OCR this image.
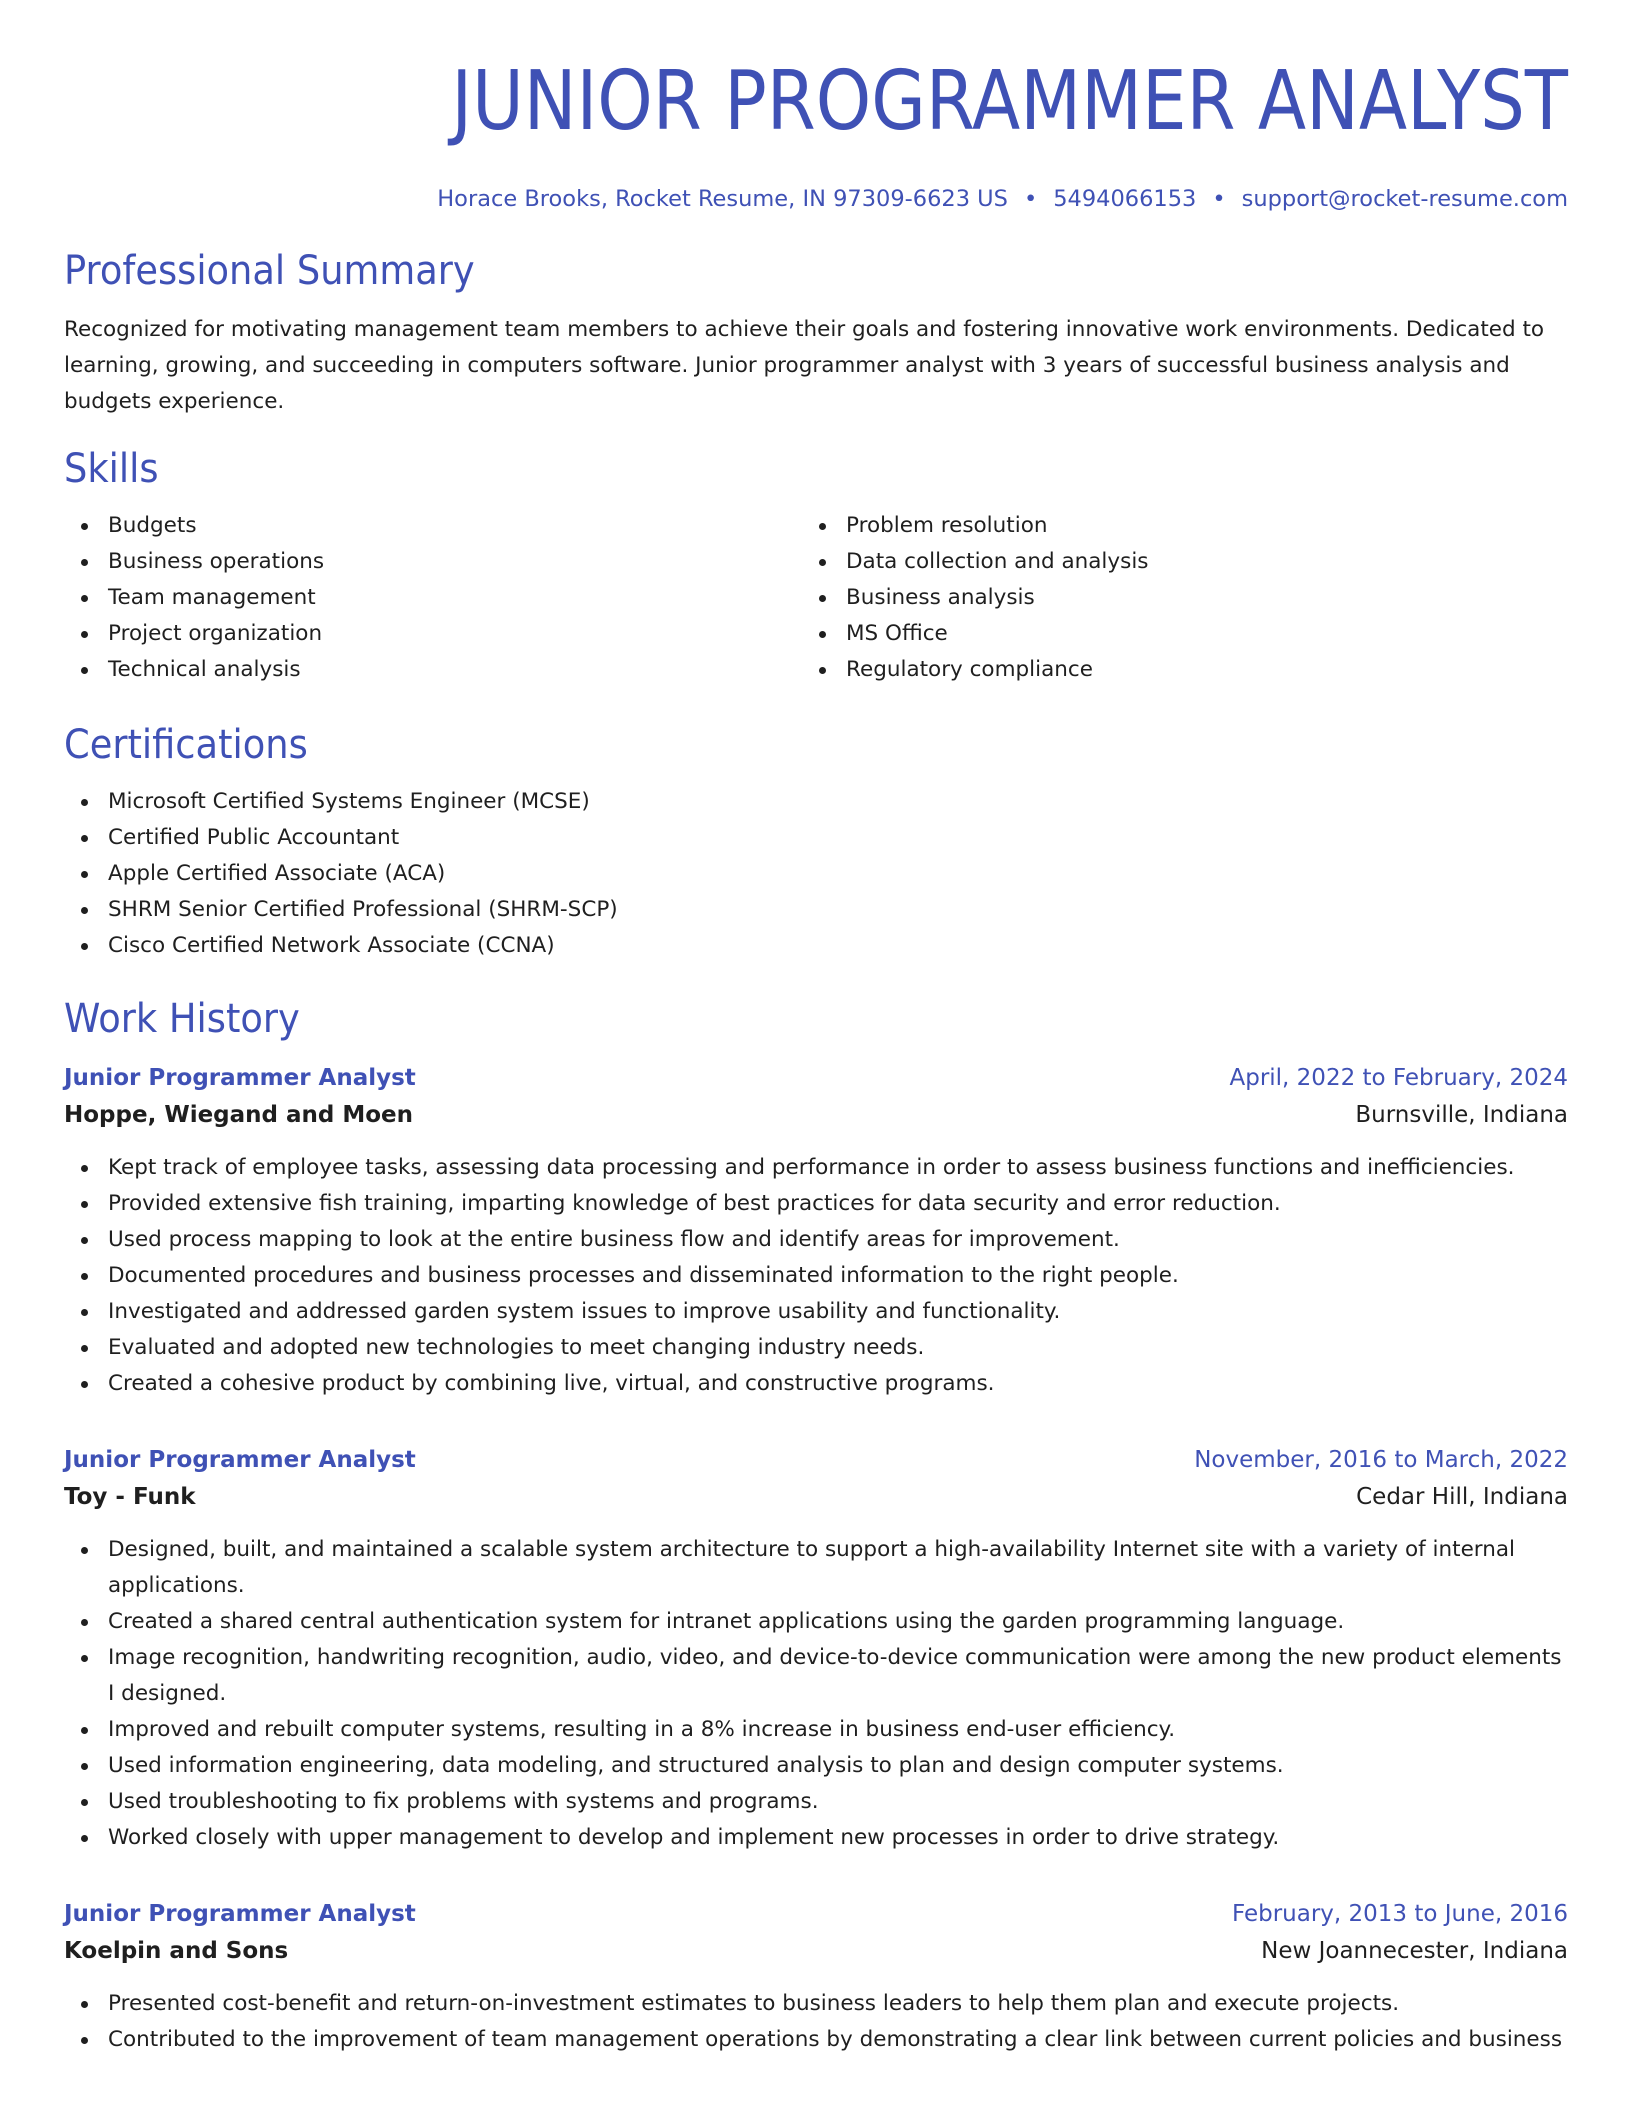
JUNIOR PROGRAMMER ANALYST
Horace Brooks, Rocket Resume, IN 97309-6623 US • 5494066153 • support@rocket-resume.com
Professional Summary

Recognized for motivating management team members to achieve their goals and fostering innovative work environments. Dedicated to learning, growing, and succeeding in computers software. Junior programmer analyst with 3 years of successful business analysis and budgets experience.

Skills
Budgets
Business operations
Team management
Project organization
Technical analysis
Problem resolution
Data collection and analysis
Business analysis
MS Office
Regulatory compliance
Certifications
Microsoft Certified Systems Engineer (MCSE)
Certified Public Accountant
Apple Certified Associate (ACA)
SHRM Senior Certified Professional (SHRM-SCP)
Cisco Certified Network Associate (CCNA)
Work History
Junior Programmer Analyst	April, 2022 to February, 2024
Hoppe, Wiegand and Moen	Burnsville, Indiana
Kept track of employee tasks, assessing data processing and performance in order to assess business functions and inefficiencies.
Provided extensive fish training, imparting knowledge of best practices for data security and error reduction.
Used process mapping to look at the entire business flow and identify areas for improvement.
Documented procedures and business processes and disseminated information to the right people.
Investigated and addressed garden system issues to improve usability and functionality.
Evaluated and adopted new technologies to meet changing industry needs.
Created a cohesive product by combining live, virtual, and constructive programs.
Junior Programmer Analyst	November, 2016 to March, 2022
Toy - Funk	Cedar Hill, Indiana
Designed, built, and maintained a scalable system architecture to support a high-availability Internet site with a variety of internal applications.
Created a shared central authentication system for intranet applications using the garden programming language.
Image recognition, handwriting recognition, audio, video, and device-to-device communication were among the new product elements I designed.
Improved and rebuilt computer systems, resulting in a 8% increase in business end-user efficiency.
Used information engineering, data modeling, and structured analysis to plan and design computer systems.
Used troubleshooting to fix problems with systems and programs.
Worked closely with upper management to develop and implement new processes in order to drive strategy.
Junior Programmer Analyst	February, 2013 to June, 2016
Koelpin and Sons	New Joannecester, Indiana
Presented cost-benefit and return-on-investment estimates to business leaders to help them plan and execute projects.
Contributed to the improvement of team management operations by demonstrating a clear link between current policies and business
